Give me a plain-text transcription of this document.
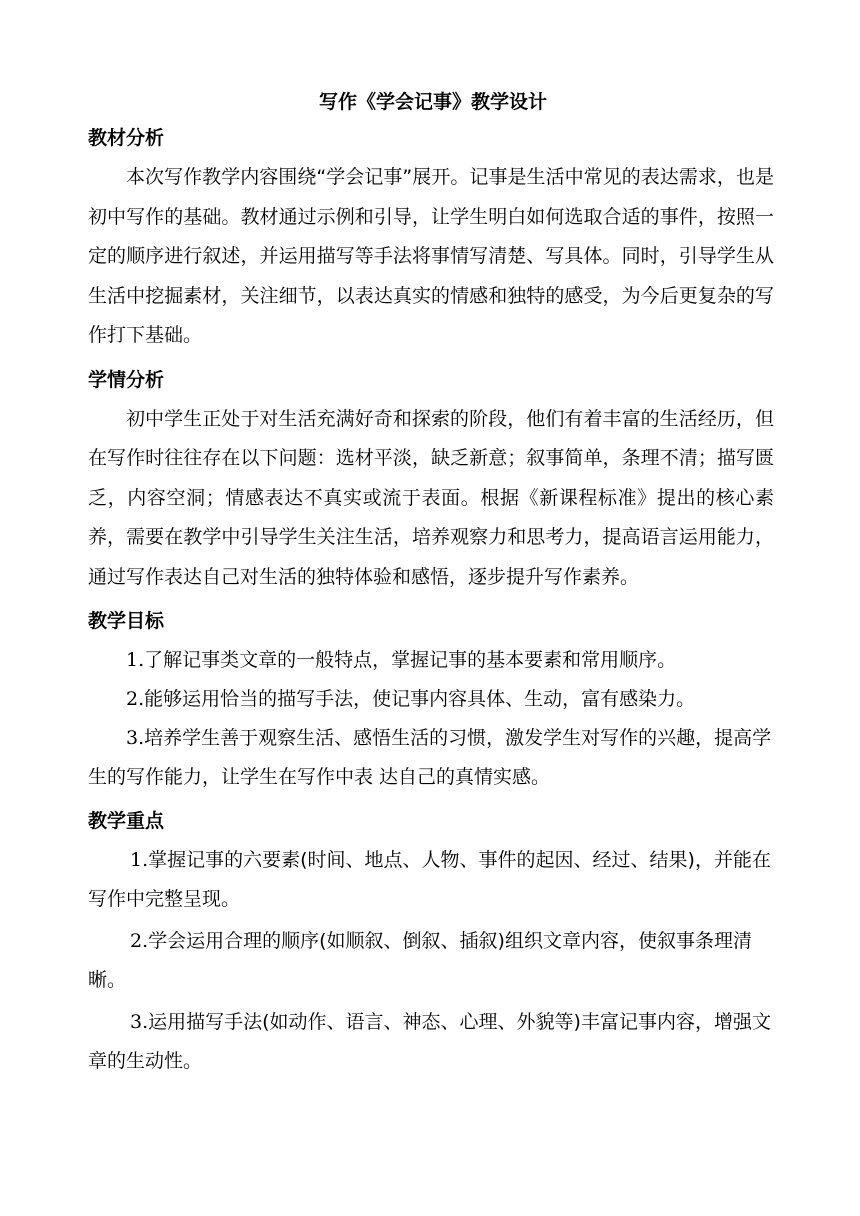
写作《学会记事》教学设计
教材分析

本次写作教学内容围绕“学会记事”展开。记事是生活中常见的表达需求，也是初中写作的基础。教材通过示例和引导，让学生明白如何选取合适的事件，按照一定的顺序进行叙述，并运用描写等手法将事情写清楚、写具体。同时，引导学生从生活中挖掘素材，关注细节，以表达真实的情感和独特的感受，为今后更复杂的写作打下基础。

学情分析

初中学生正处于对生活充满好奇和探索的阶段，他们有着丰富的生活经历，但在写作时往往存在以下问题：选材平淡，缺乏新意；叙事简单，条理不清；描写匮乏，内容空洞；情感表达不真实或流于表面。根据《新课程标准》提出的核心素养，需要在教学中引导学生关注生活，培养观察力和思考力，提高语言运用能力，通过写作表达自己对生活的独特体验和感悟，逐步提升写作素养。

教学目标

1.了解记事类文章的一般特点，掌握记事的基本要素和常用顺序。

2.能够运用恰当的描写手法，使记事内容具体、生动，富有感染力。

3.培养学生善于观察生活、感悟生活的习惯，激发学生对写作的兴趣，提高学生的写作能力，让学生在写作中表 达自己的真情实感。

教学重点

1.掌握记事的六要素(时间、地点、人物、事件的起因、经过、结果)，并能在写作中完整呈现。

2.学会运用合理的顺序(如顺叙、倒叙、插叙)组织文章内容，使叙事条理清晰。

3.运用描写手法(如动作、语言、神态、心理、外貌等)丰富记事内容，增强文章的生动性。
